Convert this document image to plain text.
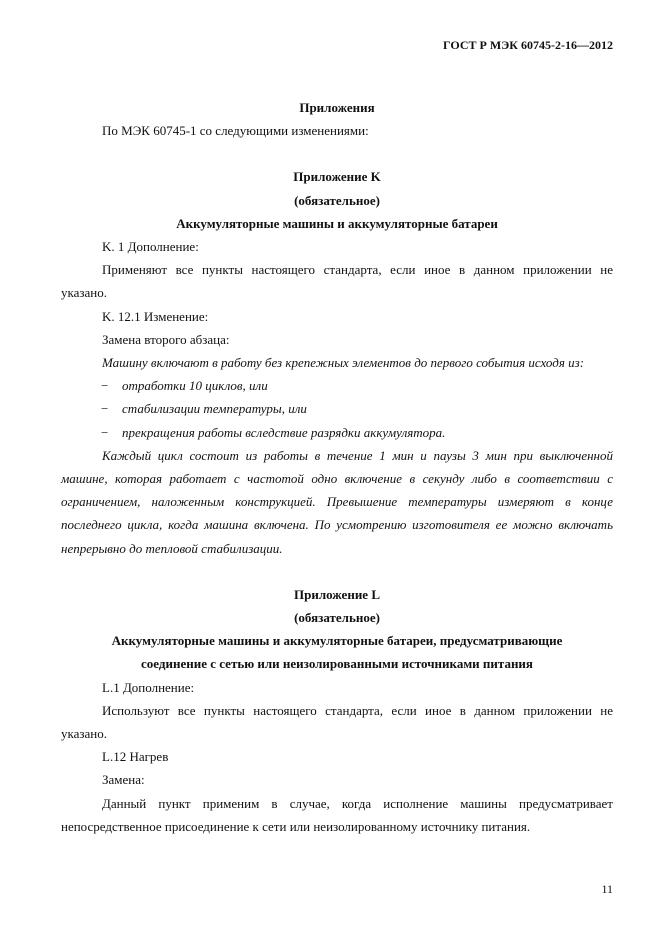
ГОСТ Р МЭК 60745-2-16—2012

Приложения

По МЭК 60745-1 со следующими изменениями:

Приложение K

(обязательное)

Аккумуляторные машины и аккумуляторные батареи

K. 1 Дополнение:

Применяют все пункты настоящего стандарта, если иное в данном приложении не

указано.

K. 12.1 Изменение:

Замена второго абзаца:

Машину включают в работу без крепежных элементов до первого события исходя из:

− отработки 10 циклов, или

− стабилизации температуры, или

− прекращения работы вследствие разрядки аккумулятора.

Каждый цикл состоит из работы в течение 1 мин и паузы 3 мин при выключенной

машине, которая работает с частотой одно включение в секунду либо в соответствии с

ограничением, наложенным конструкцией. Превышение температуры измеряют в конце

последнего цикла, когда машина включена. По усмотрению изготовителя ее можно включать

непрерывно до тепловой стабилизации.

Приложение L

(обязательное)

Аккумуляторные машины и аккумуляторные батареи, предусматривающие

соединение с сетью или неизолированными источниками питания

L.1 Дополнение:

Используют все пункты настоящего стандарта, если иное в данном приложении не

указано.

L.12 Нагрев

Замена:

Данный пункт применим в случае, когда исполнение машины предусматривает

непосредственное присоединение к сети или неизолированному источнику питания.

11
